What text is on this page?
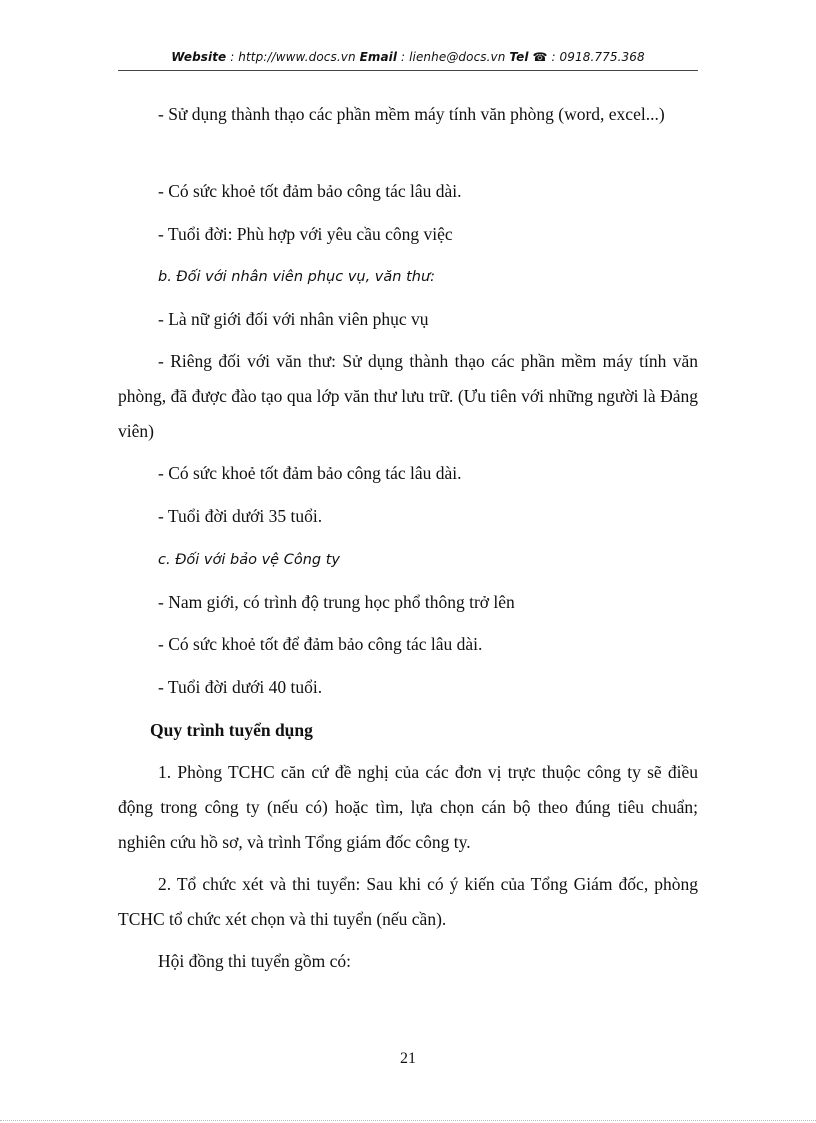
Website : http://www.docs.vn Email : lienhe@docs.vn Tel ☎ : 0918.775.368

- Sử dụng thành thạo các phần mềm máy tính văn phòng (word, excel...)

- Có sức khoẻ tốt đảm bảo công tác lâu dài.

- Tuổi đời: Phù hợp với yêu cầu công việc

b. Đối với nhân viên phục vụ, văn thư:

- Là nữ giới đối với nhân viên phục vụ

- Riêng đối với văn thư: Sử dụng thành thạo các phần mềm máy tính văn phòng, đã được đào tạo qua lớp văn thư lưu trữ. (Ưu tiên với những người là Đảng viên)

- Có sức khoẻ tốt đảm bảo công tác lâu dài.

- Tuổi đời dưới 35 tuổi.

c. Đối với bảo vệ Công ty

- Nam giới, có trình độ trung học phổ thông trở lên

- Có sức khoẻ tốt để đảm bảo công tác lâu dài.

- Tuổi đời dưới 40 tuổi.

Quy trình tuyển dụng

1. Phòng TCHC căn cứ đề nghị của các đơn vị trực thuộc công ty sẽ điều động trong công ty (nếu có) hoặc tìm, lựa chọn cán bộ theo đúng tiêu chuẩn; nghiên cứu hồ sơ, và trình Tổng giám đốc công ty.

2. Tổ chức xét và thi tuyển: Sau khi có ý kiến của Tổng Giám đốc, phòng TCHC tổ chức xét chọn và thi tuyển (nếu cần).

Hội đồng thi tuyển gồm có:

21
